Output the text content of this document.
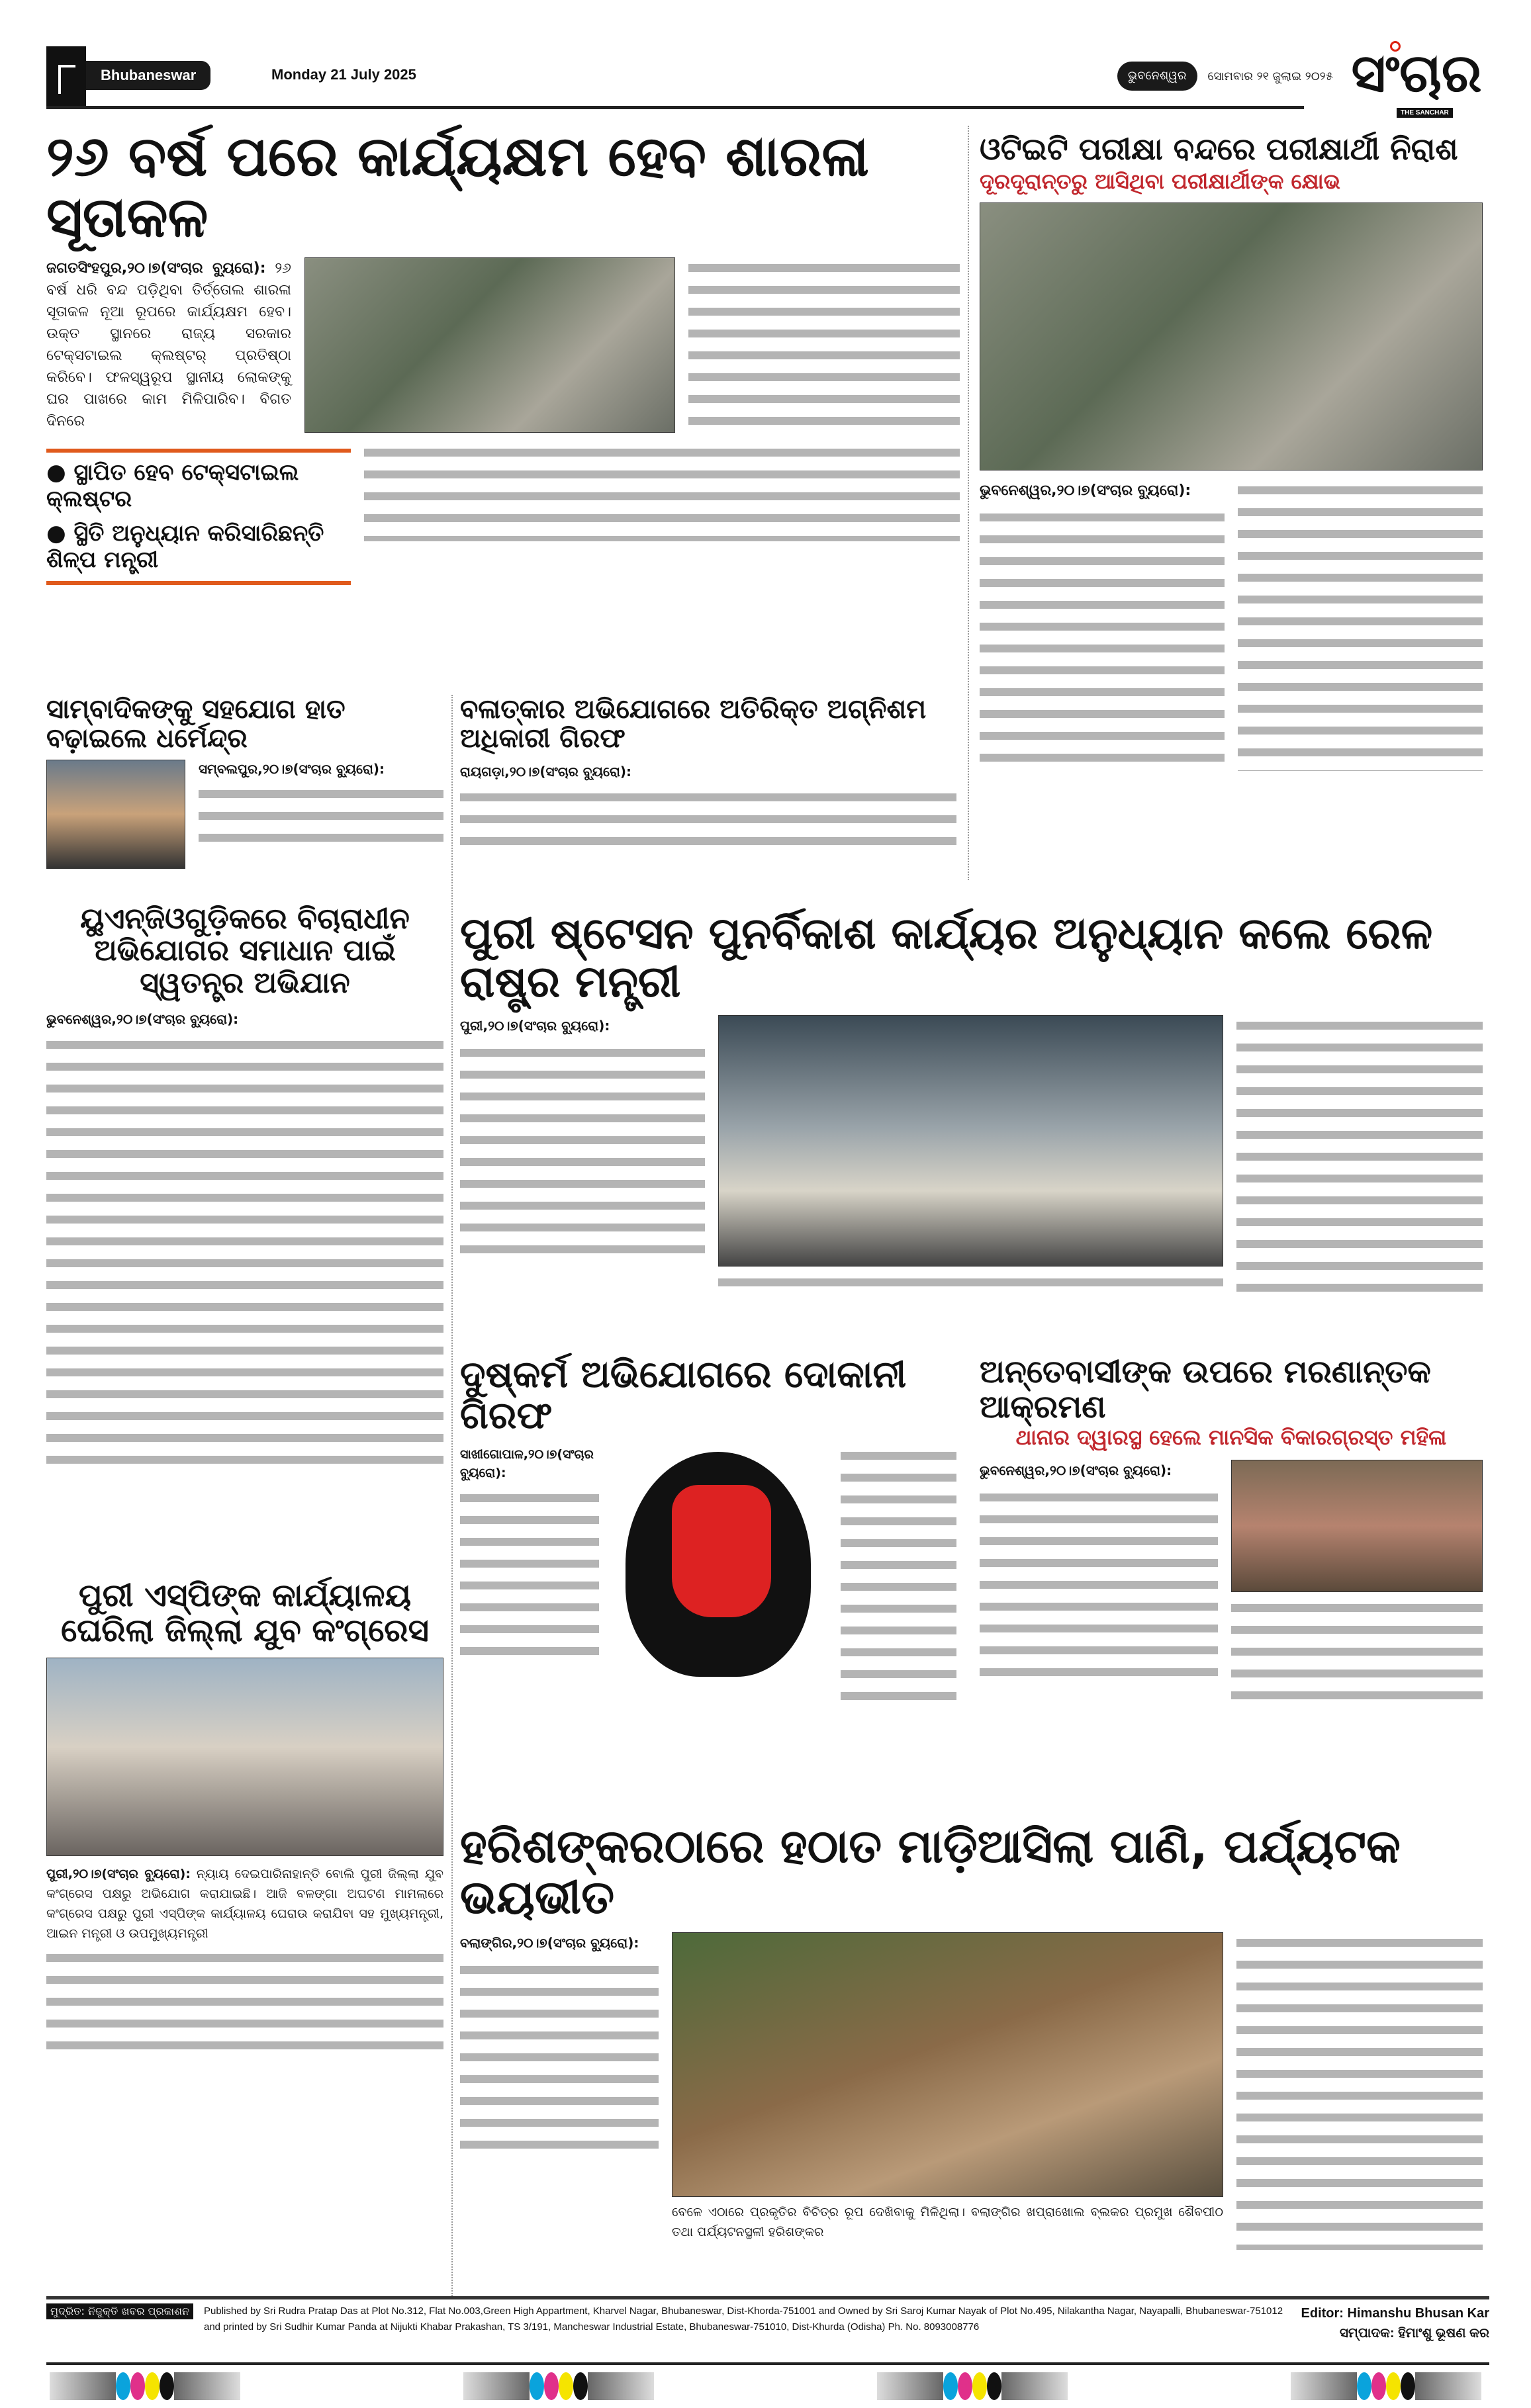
Bhubaneswar	Monday 21 July 2025	ଭୁବନେଶ୍ୱର	ସୋମବାର ୨୧ ଜୁଲାଇ ୨୦୨୫ ସଂଚାର
THE SANCHAR
୨୬ ବର୍ଷ ପରେ କାର୍ଯ୍ୟକ୍ଷମ ହେବ ଶାରଳା ସୂତାକଳ

ଜଗତସିଂହପୁର,୨୦।୭(ସଂଚାର ବ୍ୟୁରୋ): ୨୬ ବର୍ଷ ଧରି ବନ୍ଦ ପଡ଼ିଥିବା ତିର୍ତ୍ତୋଲ ଶାରଳା ସୂତାକଳ ନୂଆ ରୂପରେ କାର୍ଯ୍ୟକ୍ଷମ ହେବ। ଉକ୍ତ ସ୍ଥାନରେ ରାଜ୍ୟ ସରକାର ଟେକ୍ସଟାଇଲ କ୍ଲଷ୍ଟର୍ ପ୍ରତିଷ୍ଠା କରିବେ। ଫଳସ୍ୱରୂପ ସ୍ଥାନୀୟ ଲୋକଙ୍କୁ ଘର ପାଖରେ କାମ ମିଳିପାରିବ। ବିଗତ ଦିନରେ

● ସ୍ଥାପିତ ହେବ ଟେକ୍ସଟାଇଲ କ୍ଲଷ୍ଟର
● ସ୍ଥିତି ଅନୁଧ୍ୟାନ କରିସାରିଛନ୍ତି ଶିଳ୍ପ ମନ୍ତ୍ରୀ
ଓଟିଇଟି ପରୀକ୍ଷା ବନ୍ଦରେ ପରୀକ୍ଷାର୍ଥୀ ନିରାଶ
ଦୂରଦୂରାନ୍ତରୁ ଆସିଥିବା ପରୀକ୍ଷାର୍ଥୀଙ୍କ କ୍ଷୋଭ

ଭୁବନେଶ୍ୱର,୨୦।୭(ସଂଚାର ବ୍ୟୁରୋ):

ସାମ୍ବାଦିକଙ୍କୁ ସହଯୋଗ ହାତ ବଢ଼ାଇଲେ ଧର୍ମେନ୍ଦ୍ର

ସମ୍ବଲପୁର,୨୦।୭(ସଂଚାର ବ୍ୟୁରୋ):

ବଳାତ୍କାର ଅଭିଯୋଗରେ ଅତିରିକ୍ତ ଅଗ୍ନିଶମ ଅଧିକାରୀ ଗିରଫ

ରାୟଗଡ଼ା,୨୦।୭(ସଂଚାର ବ୍ୟୁରୋ):

ୟୁଏନ୍‌ଜିଓଗୁଡ଼ିକରେ ବିଚାରାଧୀନ ଅଭିଯୋଗର ସମାଧାନ ପାଇଁ ସ୍ୱତନ୍ତ୍ର ଅଭିଯାନ

ଭୁବନେଶ୍ୱର,୨୦।୭(ସଂଚାର ବ୍ୟୁରୋ):

ପୁରୀ ଷ୍ଟେସନ ପୁନର୍ବିକାଶ କାର୍ଯ୍ୟର ଅନୁଧ୍ୟାନ କଲେ ରେଳ ରାଷ୍ଟ୍ର ମନ୍ତ୍ରୀ

ପୁରୀ,୨୦।୭(ସଂଚାର ବ୍ୟୁରୋ):

ଦୁଷ୍କର୍ମ ଅଭିଯୋଗରେ ଦୋକାନୀ ଗିରଫ

ସାଖୀଗୋପାଳ,୨୦।୭(ସଂଚାର ବ୍ୟୁରୋ):

ଅନ୍ତେବାସୀଙ୍କ ଉପରେ ମରଣାନ୍ତକ ଆକ୍ରମଣ
ଥାନାର ଦ୍ୱାରସ୍ଥ ହେଲେ ମାନସିକ ବିକାରଗ୍ରସ୍ତ ମହିଳା

ଭୁବନେଶ୍ୱର,୨୦।୭(ସଂଚାର ବ୍ୟୁରୋ):

ପୁରୀ ଏସ୍‌ପିଙ୍କ କାର୍ଯ୍ୟାଳୟ ଘେରିଲା ଜିଲ୍ଲା ଯୁବ କଂଗ୍ରେସ

ପୁରୀ,୨୦।୭(ସଂଚାର ବ୍ୟୁରୋ): ନ୍ୟାୟ ଦେଇପାରିନାହାନ୍ତି ବୋଲି ପୁରୀ ଜିଲ୍ଲା ଯୁବ କଂଗ୍ରେସ ପକ୍ଷରୁ ଅଭିଯୋଗ କରାଯାଇଛି। ଆଜି ବଳଙ୍ଗା ଅଘଟଣ ମାମଲାରେ କଂଗ୍ରେସ ପକ୍ଷରୁ ପୁରୀ ଏସ୍‌ପିଙ୍କ କାର୍ଯ୍ୟାଳୟ ଘେରାଉ କରାଯିବା ସହ ମୁଖ୍ୟମନ୍ତ୍ରୀ, ଆଇନ ମନ୍ତ୍ରୀ ଓ ଉପମୁଖ୍ୟମନ୍ତ୍ରୀ

ହରିଶଙ୍କରଠାରେ ହଠାତ ମାଡ଼ିଆସିଲା ପାଣି, ପର୍ଯ୍ୟଟକ ଭୟଭୀତ

ବଲାଙ୍ଗିର,୨୦।୭(ସଂଚାର ବ୍ୟୁରୋ):

ବେଳେ ଏଠାରେ ପ୍ରକୃତିର ବିଚିତ୍ର ରୂପ ଦେଖିବାକୁ ମିଳିଥିଲା। ବଲାଙ୍ଗିର ଖପ୍ରାଖୋଲ ବ୍ଲକର ପ୍ରମୁଖ ଶୈବପୀଠ ତଥା ପର୍ଯ୍ୟଟନସ୍ଥଳୀ ହରିଶଙ୍କର

ମୁଦ୍ରିତ: ନିଜୁକ୍ତି ଖବର ପ୍ରକାଶନ	Published by Sri Rudra Pratap Das at Plot No.312, Flat No.003,Green High Appartment, Kharvel Nagar, Bhubaneswar, Dist-Khorda-751001 and Owned by Sri Saroj Kumar Nayak of Plot No.495, Nilakantha Nagar, Nayapalli, Bhubaneswar-751012 and printed by Sri Sudhir Kumar Panda at Nijukti Khabar Prakashan, TS 3/191, Mancheswar Industrial Estate, Bhubaneswar-751010, Dist-Khurda (Odisha) Ph. No. 8093008776
Editor: Himanshu Bhusan Kar
ସମ୍ପାଦକ: ହିମାଂଶୁ ଭୂଷଣ କର
